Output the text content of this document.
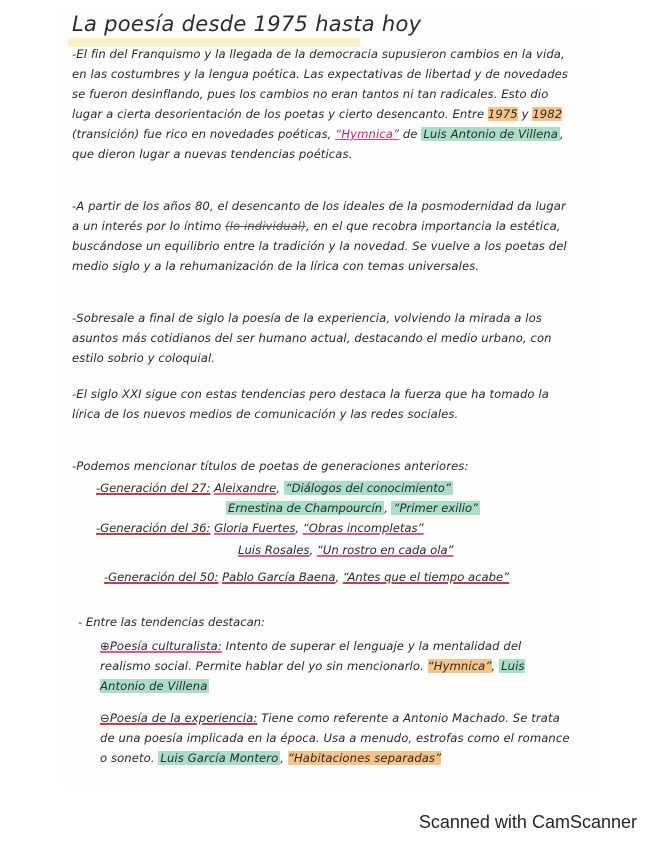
La poesía desde 1975 hasta hoy
-El fin del Franquismo y la llegada de la democracia supusieron cambios en la vida, en las costumbres y la lengua poética. Las expectativas de libertad y de novedades se fueron desinflando, pues los cambios no eran tantos ni tan radicales. Esto dio lugar a cierta desorientación de los poetas y cierto desencanto. Entre 1975 y 1982 (transición) fue rico en novedades poéticas, “Hymnica” de Luis Antonio de Villena , que dieron lugar a nuevas tendencias poéticas.
-A partir de los años 80, el desencanto de los ideales de la posmodernidad da lugar a un interés por lo íntimo (lo individual), en el que recobra importancia la estética, buscándose un equilibrio entre la tradición y la novedad. Se vuelve a los poetas del medio siglo y a la rehumanización de la lírica con temas universales.
-Sobresale a final de siglo la poesía de la experiencia, volviendo la mirada a los asuntos más cotidianos del ser humano actual, destacando el medio urbano, con estilo sobrio y coloquial.
-El siglo XXI sigue con estas tendencias pero destaca la fuerza que ha tomado la lírica de los nuevos medios de comunicación y las redes sociales.
-Podemos mencionar títulos de poetas de generaciones anteriores:
-Generación del 27: Aleixandre, “Diálogos del conocimiento”
Ernestina de Champourcín , “Primer exilio”
-Generación del 36: Gloria Fuertes, “Obras incompletas”
Luis Rosales, “Un rostro en cada ola”
-Generación del 50: Pablo García Baena, “Antes que el tiempo acabe”
- Entre las tendencias destacan:
⊕Poesía culturalista: Intento de superar el lenguaje y la mentalidad del realismo social. Permite hablar del yo sin mencionarlo. “Hymnica”, Luis Antonio de Villena
⊖Poesía de la experiencia: Tiene como referente a Antonio Machado. Se trata de una poesía implicada en la época. Usa a menudo, estrofas como el romance o soneto. Luis García Montero , “Habitaciones separadas”
Scanned with CamScanner
